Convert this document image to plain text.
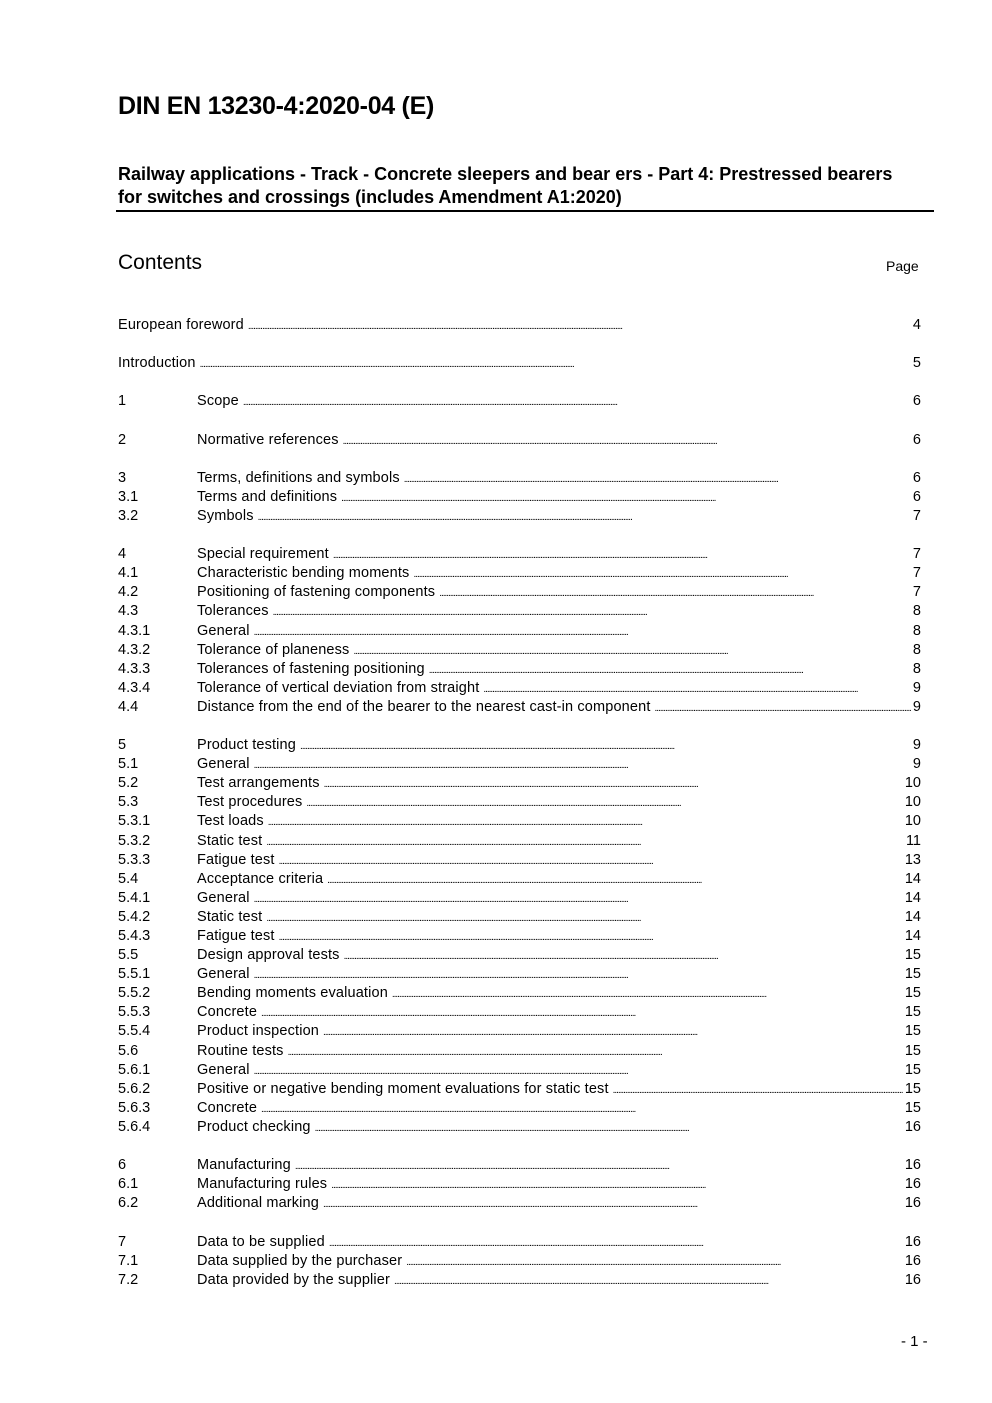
DIN EN 13230-4:2020-04 (E)
Railway applications - Track - Concrete sleepers and bear ers - Part 4: Prestressed bearers for switches and crossings (includes Amendment A1:2020)
Contents	Page
European foreword . . .	4
Introduction . . .	5
1	Scope . . .	6
2	Normative references . . .	6
3	Terms, definitions and symbols . . .	6
3.1	Terms and definitions . . .	6
3.2	Symbols . . .	7
4	Special requirement . . .	7
4.1	Characteristic bending moments . . .	7
4.2	Positioning of fastening components . . .	7
4.3	Tolerances . . .	8
4.3.1	General . . .	8
4.3.2	Tolerance of planeness . . .	8
4.3.3	Tolerances of fastening positioning . . .	8
4.3.4	Tolerance of vertical deviation from straight . . .	9
4.4	Distance from the end of the bearer to the nearest cast-in component . . .	9
5	Product testing . . .	9
5.1	General . . .	9
5.2	Test arrangements . . .	10
5.3	Test procedures . . .	10
5.3.1	Test loads . . .	10
5.3.2	Static test . . .	11
5.3.3	Fatigue test . . .	13
5.4	Acceptance criteria . . .	14
5.4.1	General . . .	14
5.4.2	Static test . . .	14
5.4.3	Fatigue test . . .	14
5.5	Design approval tests . . .	15
5.5.1	General . . .	15
5.5.2	Bending moments evaluation . . .	15
5.5.3	Concrete . . .	15
5.5.4	Product inspection . . .	15
5.6	Routine tests . . .	15
5.6.1	General . . .	15
5.6.2	Positive or negative bending moment evaluations for static test . . .	15
5.6.3	Concrete . . .	15
5.6.4	Product checking . . .	16
6	Manufacturing . . .	16
6.1	Manufacturing rules . . .	16
6.2	Additional marking . . .	16
7	Data to be supplied . . .	16
7.1	Data supplied by the purchaser . . .	16
7.2	Data provided by the supplier . . .	16
- 1 -
